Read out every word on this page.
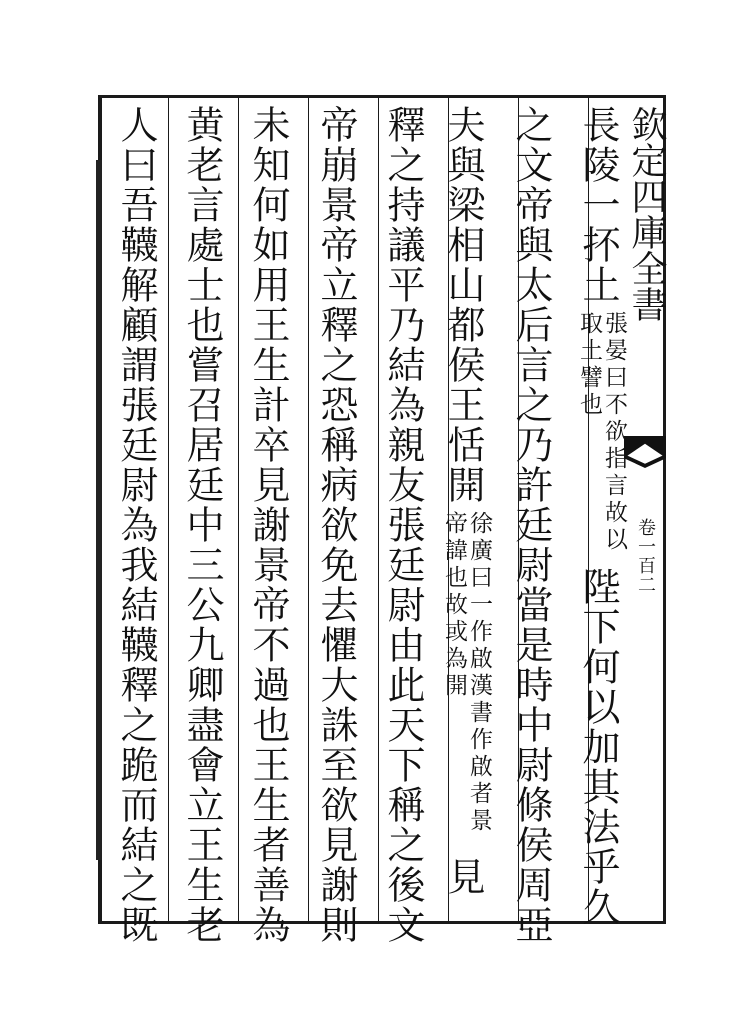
欽定四庫全書
卷一百二
長陵一抔土張晏曰不欲指言故以取土譬也陛下何以加其法乎久
之文帝與太后言之乃許廷尉當是時中尉條侯周亞
夫與梁相山都侯王恬開徐廣曰一作啟漢書作啟者景帝諱也故或為開見
釋之持議平乃結為親友張廷尉由此天下稱之後文
帝崩景帝立釋之恐稱病欲免去懼大誅至欲見謝則
未知何如用王生計卒見謝景帝不過也王生者善為
黄老言處士也嘗召居廷中三公九卿盡會立王生老
人曰吾韈解顧謂張廷尉為我結韈釋之跪而結之既
